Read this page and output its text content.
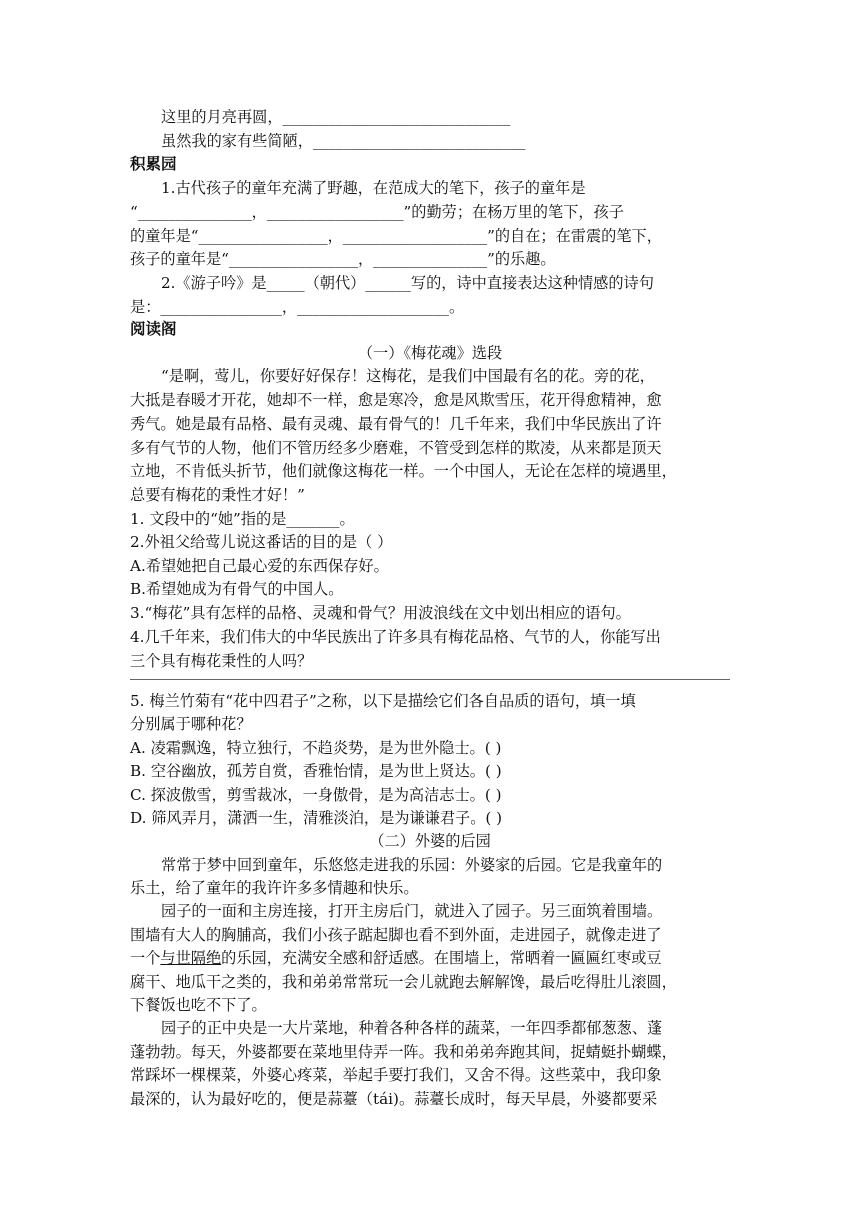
这里的月亮再圆，______________________________
虽然我的家有些简陋，____________________________
积累园
1.古代孩子的童年充满了野趣，在范成大的笔下，孩子的童年是
“_______________，__________________”的勤劳；在杨万里的笔下，孩子
的童年是“_________________，___________________”的自在；在雷震的笔下，
孩子的童年是“_________________，_______________”的乐趣。
2.《游子吟》是_____（朝代）______写的，诗中直接表达这种情感的诗句
是：________________，____________________。
阅读阁
（一）《梅花魂》选段
“是啊，莺儿，你要好好保存！这梅花，是我们中国最有名的花。旁的花，
大抵是春暖才开花，她却不一样，愈是寒冷，愈是风欺雪压，花开得愈精神，愈
秀气。她是最有品格、最有灵魂、最有骨气的！几千年来，我们中华民族出了许
多有气节的人物，他们不管历经多少磨难，不管受到怎样的欺凌，从来都是顶天
立地，不肯低头折节，他们就像这梅花一样。一个中国人，无论在怎样的境遇里，
总要有梅花的秉性才好！”
1. 文段中的“她”指的是_______。
2.外祖父给莺儿说这番话的目的是（ ）
A.希望她把自己最心爱的东西保存好。
B.希望她成为有骨气的中国人。
3.“梅花”具有怎样的品格、灵魂和骨气？用波浪线在文中划出相应的语句。
4.几千年来，我们伟大的中华民族出了许多具有梅花品格、气节的人，你能写出
三个具有梅花秉性的人吗？
5. 梅兰竹菊有“花中四君子”之称，以下是描绘它们各自品质的语句，填一填
分别属于哪种花？
A. 凌霜飘逸，特立独行，不趋炎势，是为世外隐士。( )
B. 空谷幽放，孤芳自赏，香雅怡情，是为世上贤达。( )
C. 探波傲雪，剪雪裁冰，一身傲骨，是为高洁志士。( )
D. 筛风弄月，潇洒一生，清雅淡泊，是为谦谦君子。( )
（二）外婆的后园
常常于梦中回到童年，乐悠悠走进我的乐园：外婆家的后园。它是我童年的
乐土，给了童年的我许许多多情趣和快乐。
园子的一面和主房连接，打开主房后门，就进入了园子。另三面筑着围墙。
围墙有大人的胸脯高，我们小孩子踮起脚也看不到外面，走进园子，就像走进了
一个与世隔绝的乐园，充满安全感和舒适感。在围墙上，常晒着一匾匾红枣或豆
腐干、地瓜干之类的，我和弟弟常常玩一会儿就跑去解解馋，最后吃得肚儿滚圆，
下餐饭也吃不下了。
园子的正中央是一大片菜地，种着各种各样的蔬菜，一年四季都郁葱葱、蓬
蓬勃勃。每天，外婆都要在菜地里侍弄一阵。我和弟弟奔跑其间，捉蜻蜓扑蝴蝶，
常踩坏一棵棵菜，外婆心疼菜，举起手要打我们，又舍不得。这些菜中，我印象
最深的，认为最好吃的，便是蒜薹（tái)。蒜薹长成时，每天早晨，外婆都要采
